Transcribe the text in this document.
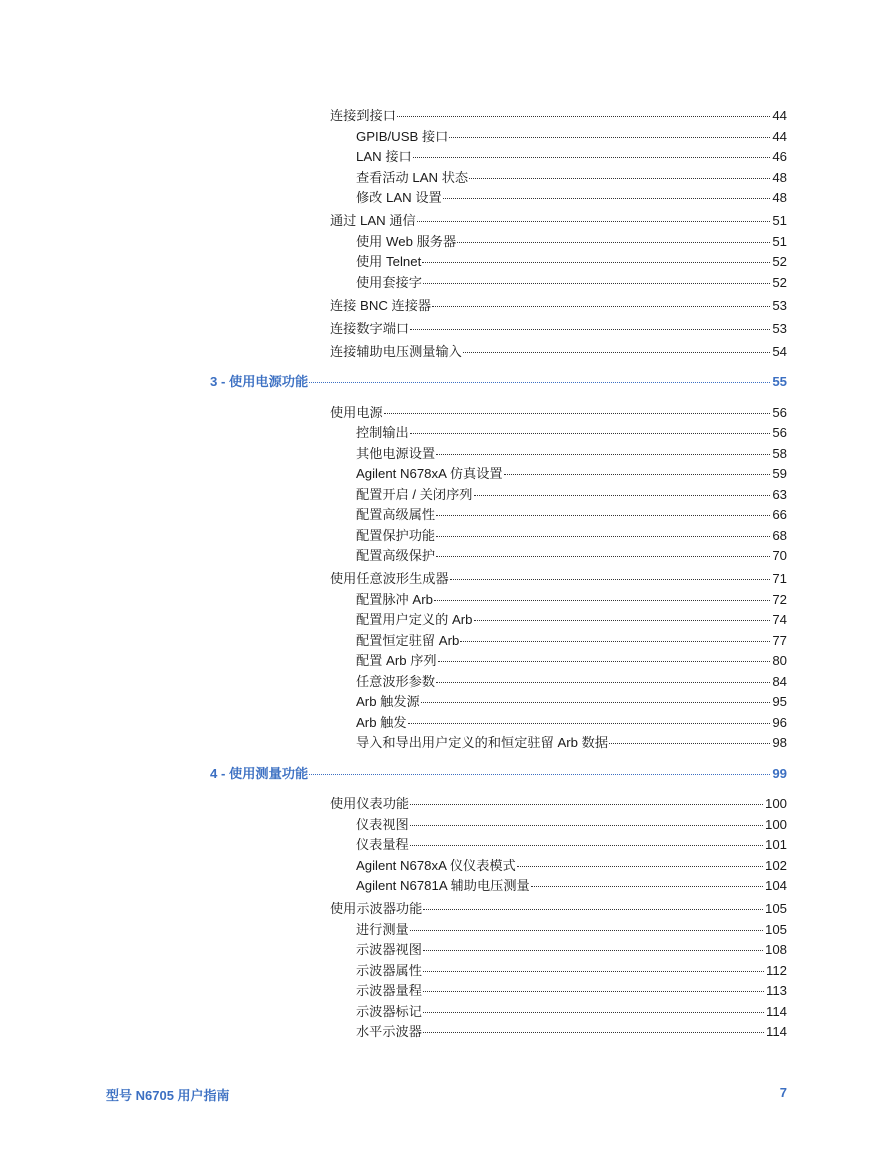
连接到接口	44
GPIB/USB 接口	44
LAN 接口	46
查看活动 LAN 状态	48
修改 LAN 设置	48
通过 LAN 通信	51
使用 Web 服务器	51
使用 Telnet	52
使用套接字	52
连接 BNC 连接器	53
连接数字端口	53
连接辅助电压测量输入	54
3 - 使用电源功能	55
使用电源	56
控制输出	56
其他电源设置	58
Agilent N678xA 仿真设置	59
配置开启 / 关闭序列	63
配置高级属性	66
配置保护功能	68
配置高级保护	70
使用任意波形生成器	71
配置脉冲 Arb	72
配置用户定义的 Arb	74
配置恒定驻留 Arb	77
配置 Arb 序列	80
任意波形参数	84
Arb 触发源	95
Arb 触发	96
导入和导出用户定义的和恒定驻留 Arb 数据	98
4 - 使用测量功能	99
使用仪表功能	100
仪表视图	100
仪表量程	101
Agilent N678xA 仪仪表模式	102
Agilent N6781A 辅助电压测量	104
使用示波器功能	105
进行测量	105
示波器视图	108
示波器属性	112
示波器量程	113
示波器标记	114
水平示波器	114
型号 N6705 用户指南	7
